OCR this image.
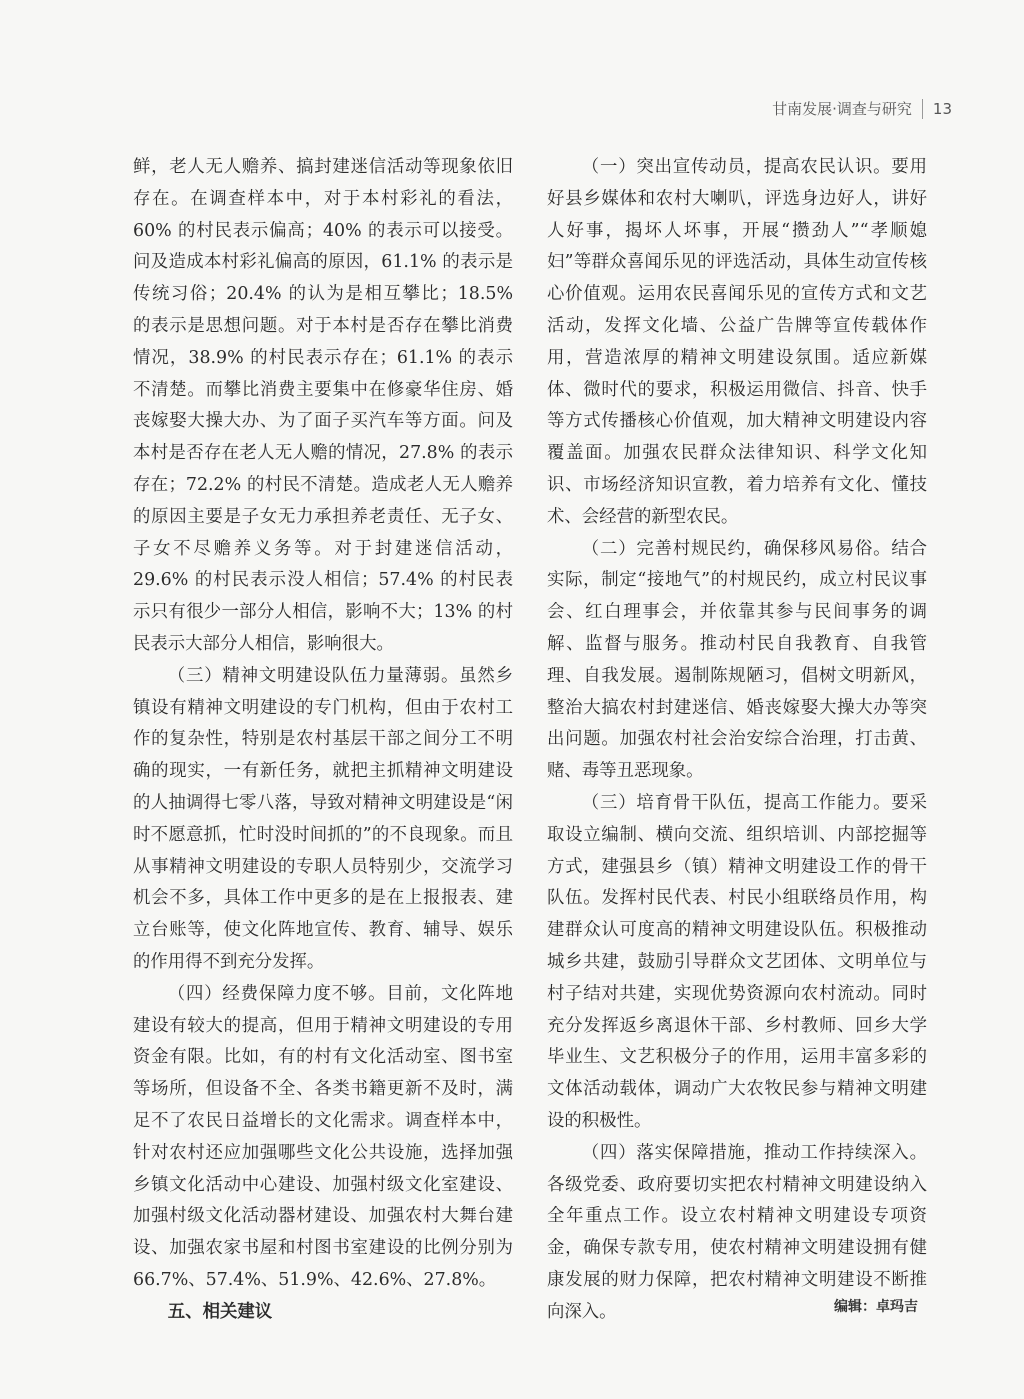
甘南发展·调查与研究 13

鲜，老人无人赡养、搞封建迷信活动等现象依旧存在。在调查样本中，对于本村彩礼的看法，60% 的村民表示偏高；40% 的表示可以接受。问及造成本村彩礼偏高的原因，61.1% 的表示是传统习俗；20.4% 的认为是相互攀比；18.5% 的表示是思想问题。对于本村是否存在攀比消费情况，38.9% 的村民表示存在；61.1% 的表示不清楚。而攀比消费主要集中在修豪华住房、婚丧嫁娶大操大办、为了面子买汽车等方面。问及本村是否存在老人无人赡的情况，27.8% 的表示存在；72.2% 的村民不清楚。造成老人无人赡养的原因主要是子女无力承担养老责任、无子女、子女不尽赡养义务等。对于封建迷信活动，29.6% 的村民表示没人相信；57.4% 的村民表示只有很少一部分人相信，影响不大；13% 的村民表示大部分人相信，影响很大。

（三）精神文明建设队伍力量薄弱。虽然乡镇设有精神文明建设的专门机构，但由于农村工作的复杂性，特别是农村基层干部之间分工不明确的现实，一有新任务，就把主抓精神文明建设的人抽调得七零八落，导致对精神文明建设是“闲时不愿意抓，忙时没时间抓的”的不良现象。而且从事精神文明建设的专职人员特别少，交流学习机会不多，具体工作中更多的是在上报报表、建立台账等，使文化阵地宣传、教育、辅导、娱乐的作用得不到充分发挥。

（四）经费保障力度不够。目前，文化阵地建设有较大的提高，但用于精神文明建设的专用资金有限。比如，有的村有文化活动室、图书室等场所，但设备不全、各类书籍更新不及时，满足不了农民日益增长的文化需求。调查样本中，针对农村还应加强哪些文化公共设施，选择加强乡镇文化活动中心建设、加强村级文化室建设、加强村级文化活动器材建设、加强农村大舞台建设、加强农家书屋和村图书室建设的比例分别为 66.7%、57.4%、51.9%、42.6%、27.8%。

五、相关建议

（一）突出宣传动员，提高农民认识。要用好县乡媒体和农村大喇叭，评选身边好人，讲好人好事，揭坏人坏事，开展“攒劲人”“孝顺媳妇”等群众喜闻乐见的评选活动，具体生动宣传核心价值观。运用农民喜闻乐见的宣传方式和文艺活动，发挥文化墙、公益广告牌等宣传载体作用，营造浓厚的精神文明建设氛围。适应新媒体、微时代的要求，积极运用微信、抖音、快手等方式传播核心价值观，加大精神文明建设内容覆盖面。加强农民群众法律知识、科学文化知识、市场经济知识宣教，着力培养有文化、懂技术、会经营的新型农民。

（二）完善村规民约，确保移风易俗。结合实际，制定“接地气”的村规民约，成立村民议事会、红白理事会，并依靠其参与民间事务的调解、监督与服务。推动村民自我教育、自我管理、自我发展。遏制陈规陋习，倡树文明新风，整治大搞农村封建迷信、婚丧嫁娶大操大办等突出问题。加强农村社会治安综合治理，打击黄、赌、毒等丑恶现象。

（三）培育骨干队伍，提高工作能力。要采取设立编制、横向交流、组织培训、内部挖掘等方式，建强县乡（镇）精神文明建设工作的骨干队伍。发挥村民代表、村民小组联络员作用，构建群众认可度高的精神文明建设队伍。积极推动城乡共建，鼓励引导群众文艺团体、文明单位与村子结对共建，实现优势资源向农村流动。同时充分发挥返乡离退休干部、乡村教师、回乡大学毕业生、文艺积极分子的作用，运用丰富多彩的文体活动载体，调动广大农牧民参与精神文明建设的积极性。

（四）落实保障措施，推动工作持续深入。各级党委、政府要切实把农村精神文明建设纳入全年重点工作。设立农村精神文明建设专项资金，确保专款专用，使农村精神文明建设拥有健康发展的财力保障，把农村精神文明建设不断推向深入。	编辑：卓玛吉
